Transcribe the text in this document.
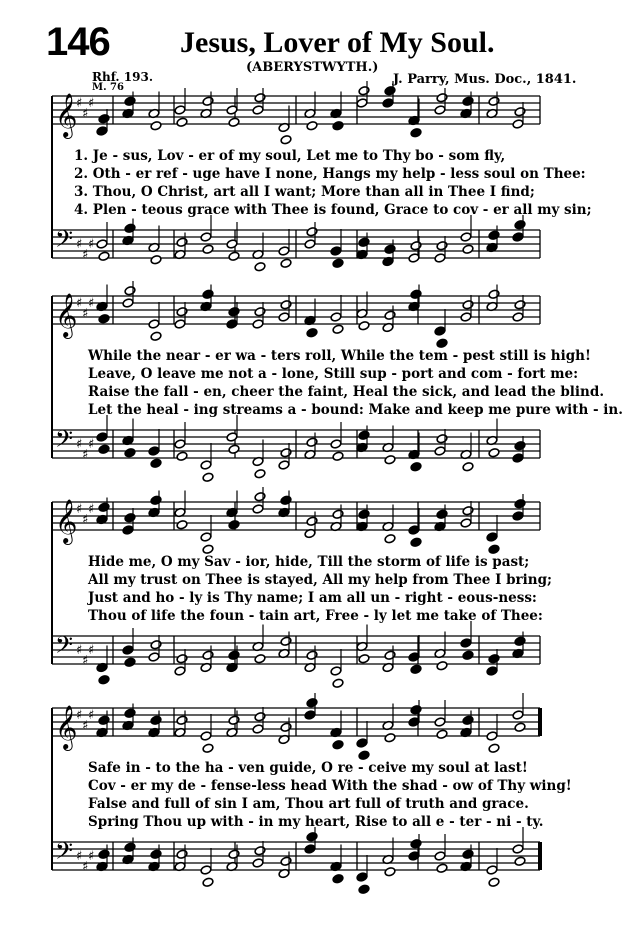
146 Jesus, Lover of My Soul.
(ABERYSTWYTH.)
Rhf. 193.
M. 76
J. Parry, Mus. Doc., 1841.
𝄞
𝄢
♯
♯
♯
♯
♯
♯
𝄞
𝄢
♯
♯
♯
♯
♯
♯
𝄞
𝄢
♯
♯
♯
♯
♯
♯
𝄞
𝄢
♯
♯
♯
♯
♯
♯
1. Je - sus, Lov - er of my soul, Let me to Thy bo - som fly,
2. Oth - er ref - uge have I none, Hangs my help - less soul on Thee:
3. Thou, O Christ, art all I want; More than all in Thee I find;
4. Plen - teous grace with Thee is found, Grace to cov - er all my sin;
While the near - er wa - ters roll, While the tem - pest still is high!
Leave, O leave me not a - lone, Still sup - port and com - fort me:
Raise the fall - en, cheer the faint, Heal the sick, and lead the blind.
Let the heal - ing streams a - bound: Make and keep me pure with - in.
Hide me, O my Sav - ior, hide, Till the storm of life is past;
All my trust on Thee is stayed, All my help from Thee I bring;
Just and ho - ly is Thy name; I am all un - right - eous-ness:
Thou of life the foun - tain art, Free - ly let me take of Thee:
Safe in - to the ha - ven guide, O re - ceive my soul at last!
Cov - er my de - fense-less head With the shad - ow of Thy wing!
False and full of sin I am, Thou art full of truth and grace.
Spring Thou up with - in my heart, Rise to all e - ter - ni - ty.
